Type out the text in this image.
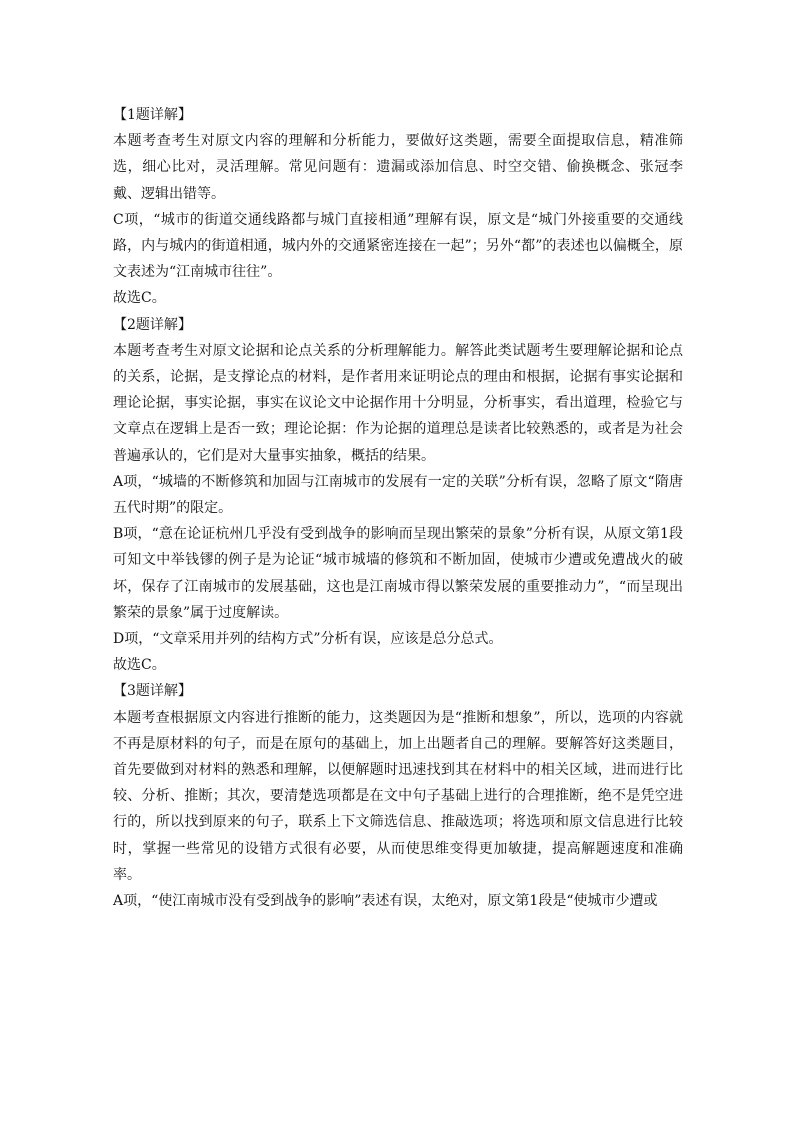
【1题详解】

本题考查考生对原文内容的理解和分析能力，要做好这类题，需要全面提取信息，精准筛选，细心比对，灵活理解。常见问题有：遗漏或添加信息、时空交错、偷换概念、张冠李戴、逻辑出错等。

C项，“城市的街道交通线路都与城门直接相通”理解有误，原文是“城门外接重要的交通线路，内与城内的街道相通，城内外的交通紧密连接在一起”；另外“都”的表述也以偏概全，原文表述为“江南城市往往”。

故选C。

【2题详解】

本题考查考生对原文论据和论点关系的分析理解能力。解答此类试题考生要理解论据和论点的关系，论据，是支撑论点的材料，是作者用来证明论点的理由和根据，论据有事实论据和理论论据，事实论据，事实在议论文中论据作用十分明显，分析事实，看出道理，检验它与文章点在逻辑上是否一致；理论论据：作为论据的道理总是读者比较熟悉的，或者是为社会普遍承认的，它们是对大量事实抽象，概括的结果。

A项，“城墙的不断修筑和加固与江南城市的发展有一定的关联”分析有误，忽略了原文“隋唐五代时期”的限定。

B项，“意在论证杭州几乎没有受到战争的影响而呈现出繁荣的景象”分析有误，从原文第1段可知文中举钱镠的例子是为论证“城市城墙的修筑和不断加固，使城市少遭或免遭战火的破坏，保存了江南城市的发展基础，这也是江南城市得以繁荣发展的重要推动力”，“而呈现出繁荣的景象”属于过度解读。

D项，“文章采用并列的结构方式”分析有误，应该是总分总式。

故选C。

【3题详解】

本题考查根据原文内容进行推断的能力，这类题因为是“推断和想象”，所以，选项的内容就不再是原材料的句子，而是在原句的基础上，加上出题者自己的理解。要解答好这类题目，首先要做到对材料的熟悉和理解，以便解题时迅速找到其在材料中的相关区域，进而进行比较、分析、推断；其次，要清楚选项都是在文中句子基础上进行的合理推断，绝不是凭空进行的，所以找到原来的句子，联系上下文筛选信息、推敲选项；将选项和原文信息进行比较时，掌握一些常见的设错方式很有必要，从而使思维变得更加敏捷，提高解题速度和准确率。

A项，“使江南城市没有受到战争的影响”表述有误，太绝对，原文第1段是“使城市少遭或
